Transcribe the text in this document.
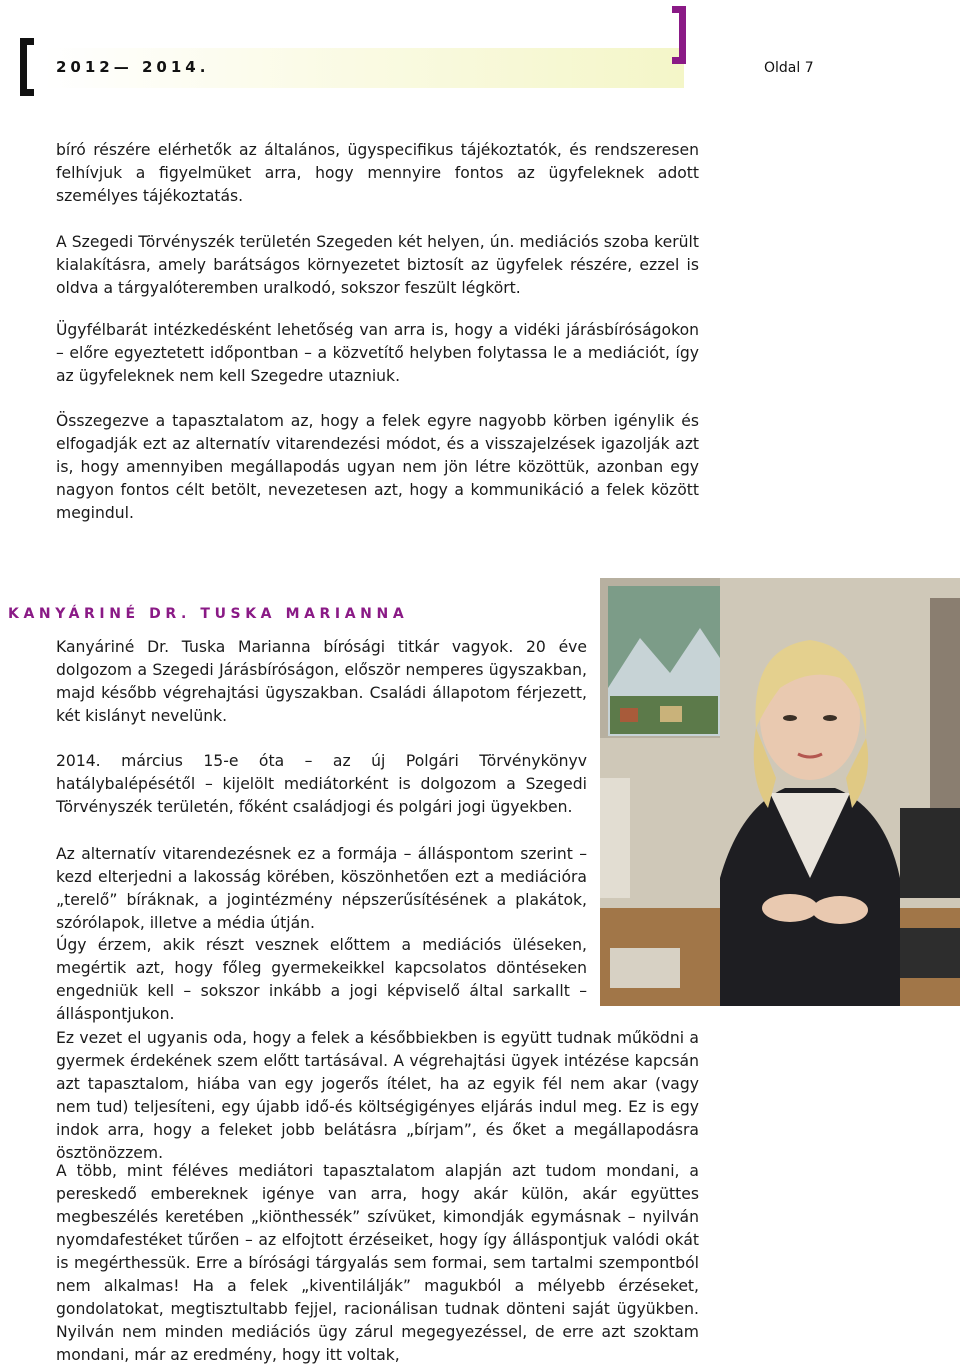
2012— 2014.	Oldal 7

bíró részére elérhetők az általános, ügyspecifikus tájékoztatók, és rendszeresen felhívjuk a figyelmüket arra, hogy mennyire fontos az ügyfeleknek adott személyes tájékoztatás.

A Szegedi Törvényszék területén Szegeden két helyen, ún. mediációs szoba került kialakításra, amely barátságos környezetet biztosít az ügyfelek részére, ezzel is oldva a tárgyalóteremben uralkodó, sokszor feszült légkört.

Ügyfélbarát intézkedésként lehetőség van arra is, hogy a vidéki járásbíróságokon – előre egyeztetett időpontban – a közvetítő helyben folytassa le a mediációt, így az ügyfeleknek nem kell Szegedre utazniuk.

Összegezve a tapasztalatom az, hogy a felek egyre nagyobb körben igénylik és elfogadják ezt az alternatív vitarendezési módot, és a visszajelzések igazolják azt is, hogy amennyiben megállapodás ugyan nem jön létre közöttük, azonban egy nagyon fontos célt betölt, nevezetesen azt, hogy a kommunikáció a felek között megindul.

KANYÁRINÉ DR. TUSKA MARIANNA

Kanyáriné Dr. Tuska Marianna bírósági titkár vagyok. 20 éve dolgozom a Szegedi Járásbíróságon, először nemperes ügyszakban, majd később végrehajtási ügyszakban. Családi állapotom férjezett, két kislányt nevelünk.

2014. március 15-e óta – az új Polgári Törvénykönyv hatálybalépésétől – kijelölt mediátorként is dolgozom a Szegedi Törvényszék területén, főként családjogi és polgári jogi ügyekben.

Az alternatív vitarendezésnek ez a formája – álláspontom szerint – kezd elterjedni a lakosság körében, köszönhetően ezt a mediációra „terelő” bíráknak, a jogintézmény népszerűsítésének a plakátok, szórólapok, illetve a média útján.

Úgy érzem, akik részt vesznek előttem a mediációs üléseken, megértik azt, hogy főleg gyermekeikkel kapcsolatos döntéseken engedniük kell – sokszor inkább a jogi képviselő által sarkallt – álláspontjukon.

Ez vezet el ugyanis oda, hogy a felek a későbbiekben is együtt tudnak működni a gyermek érdekének szem előtt tartásával. A végrehajtási ügyek intézése kapcsán azt tapasztalom, hiába van egy jogerős ítélet, ha az egyik fél nem akar (vagy nem tud) teljesíteni, egy újabb idő-és költségigényes eljárás indul meg. Ez is egy indok arra, hogy a feleket jobb belátásra „bírjam”, és őket a megállapodásra ösztönözzem.

A több, mint féléves mediátori tapasztalatom alapján azt tudom mondani, a pereskedő embereknek igénye van arra, hogy akár külön, akár együttes megbeszélés keretében „kiönthessék” szívüket, kimondják egymásnak – nyilván nyomdafestéket tűrően – az elfojtott érzéseiket, hogy így álláspontjuk valódi okát is megérthessük. Erre a bírósági tárgyalás sem formai, sem tartalmi szempontból nem alkalmas! Ha a felek „kiventilálják” magukból a mélyebb érzéseket, gondolatokat, megtisztultabb fejjel, racionálisan tudnak dönteni saját ügyükben. Nyilván nem minden mediációs ügy zárul megegyezéssel, de erre azt szoktam mondani, már az eredmény, hogy itt voltak,
